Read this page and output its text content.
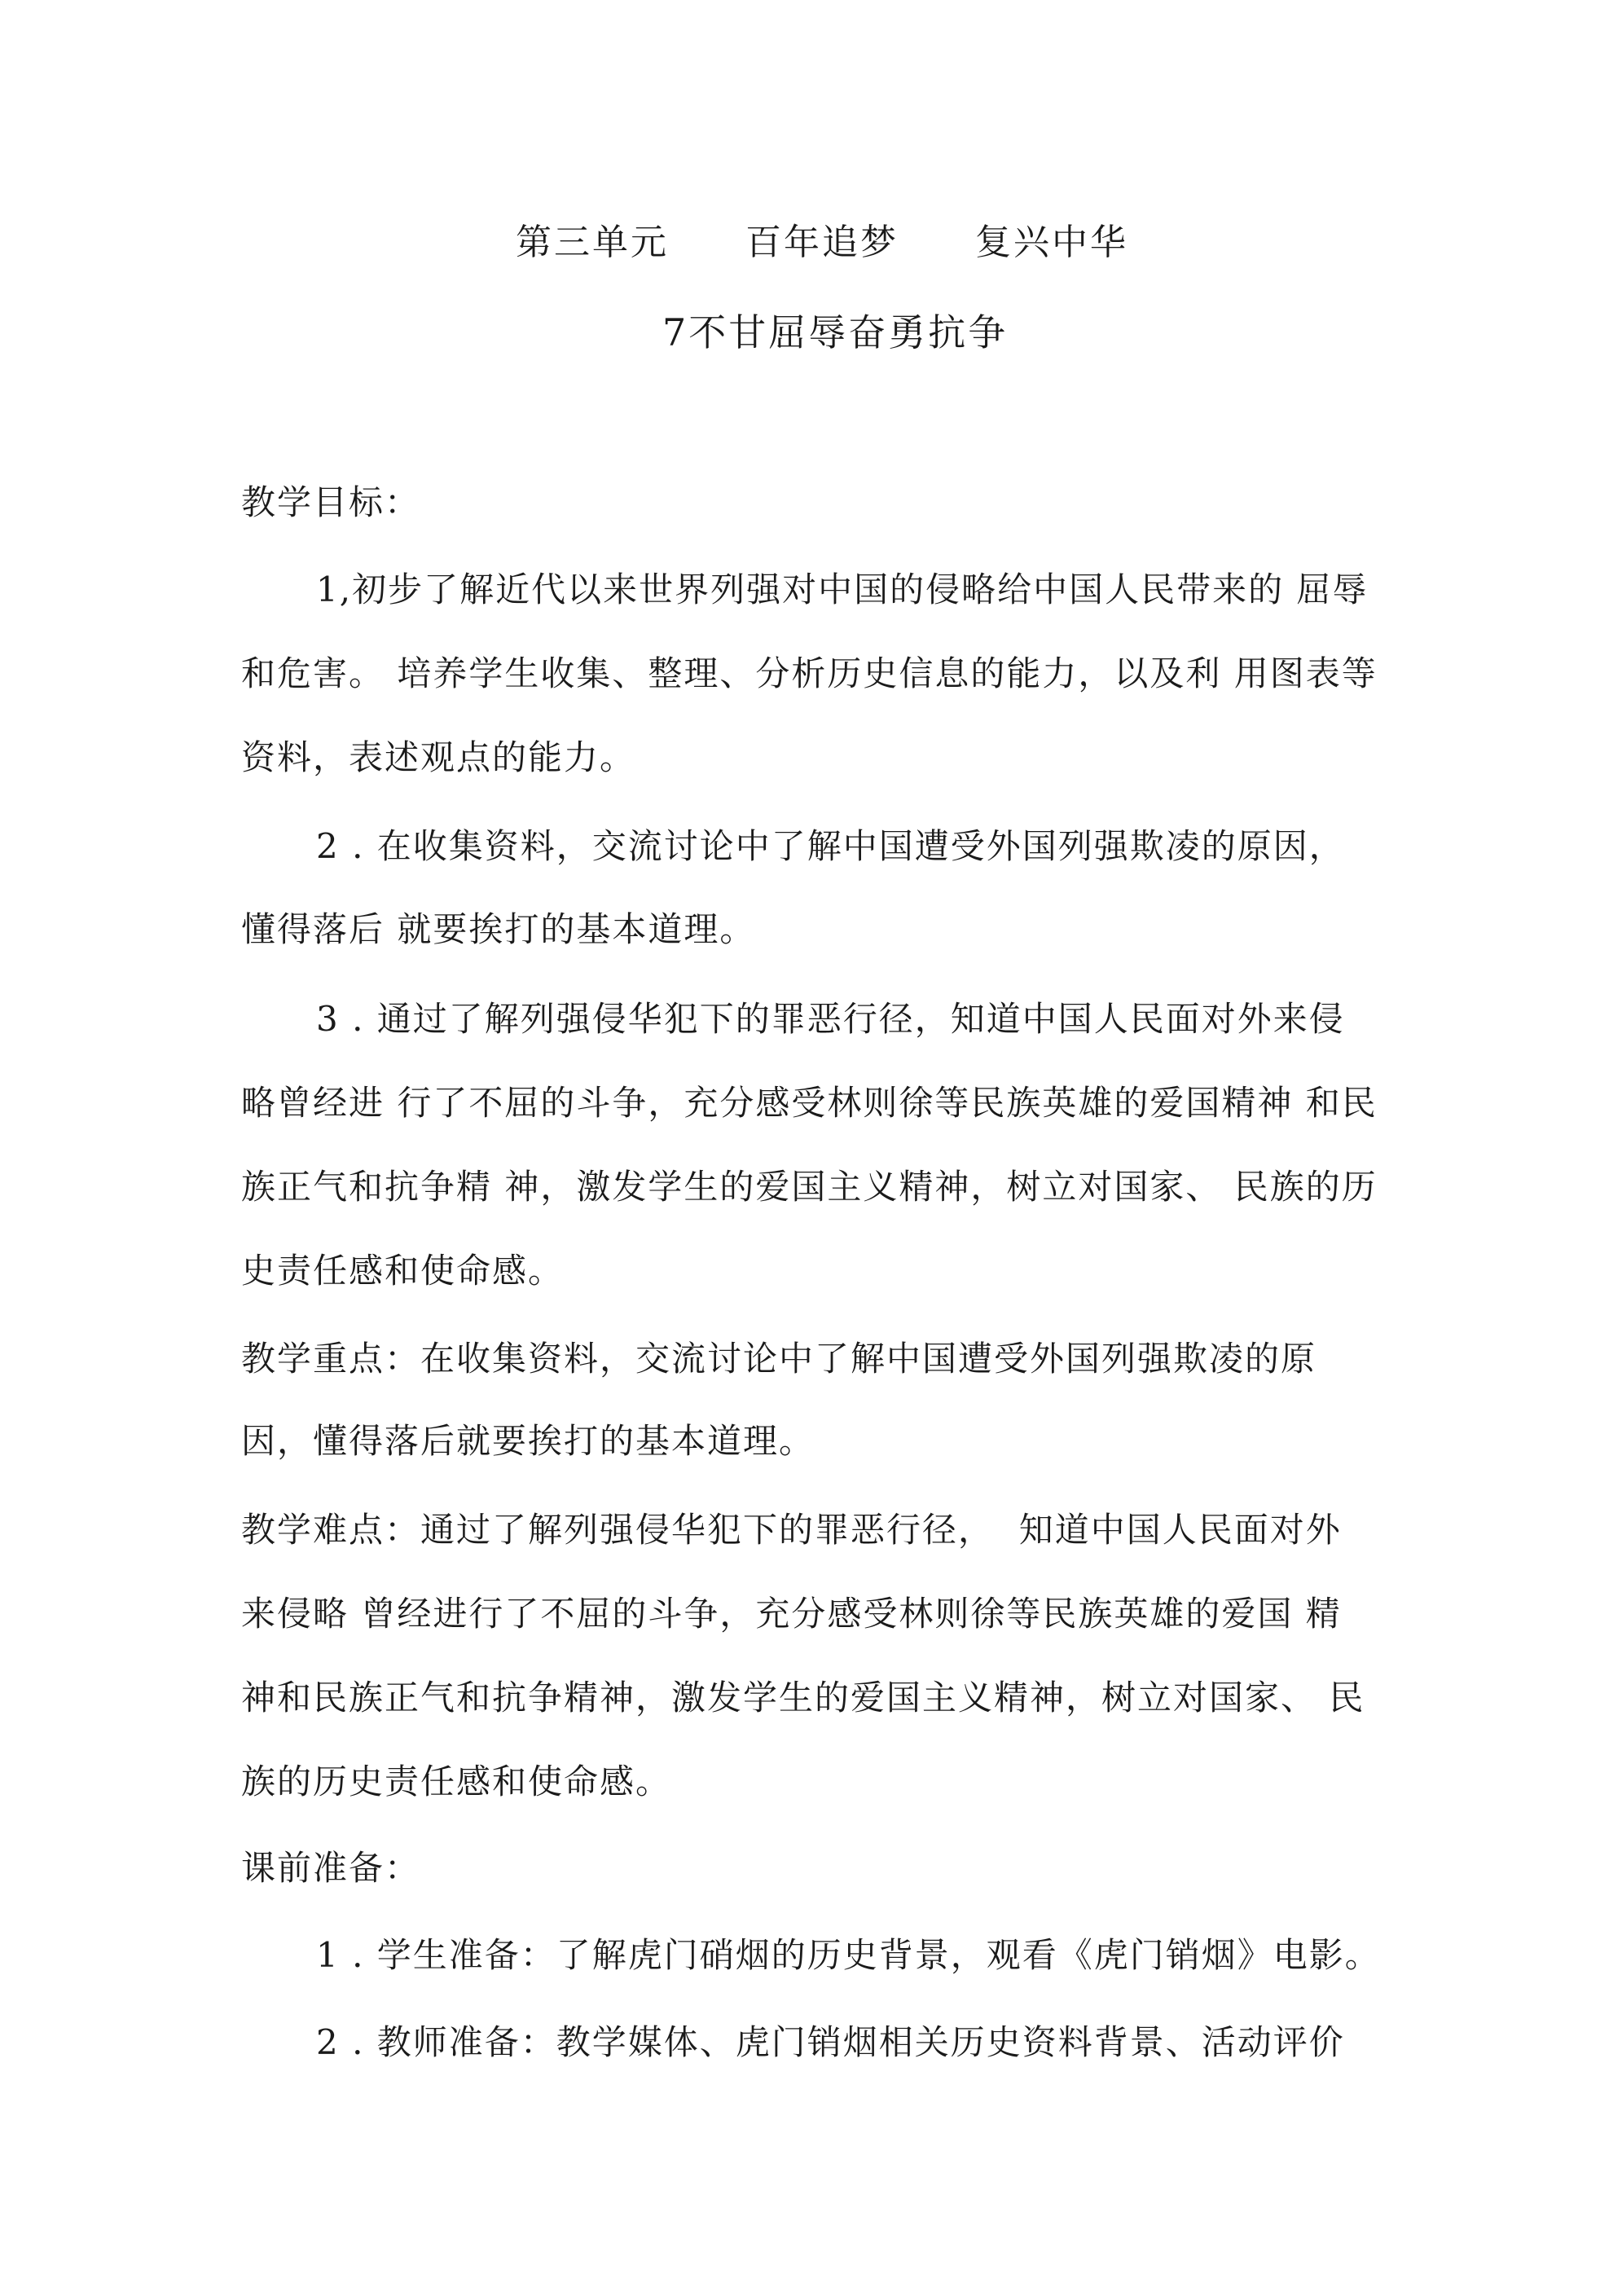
第三单元　　百年追梦　　复兴中华
7不甘屈辱奋勇抗争
教学目标：
1,初步了解近代以来世界列强对中国的侵略给中国人民带来的 屈辱
和危害。 培养学生收集、整理、分析历史信息的能力，以及利 用图表等
资料，表述观点的能力。
2 . 在收集资料，交流讨论中了解中国遭受外国列强欺凌的原因，
懂得落后 就要挨打的基本道理。
3 . 通过了解列强侵华犯下的罪恶行径，知道中国人民面对外来侵
略曾经进 行了不屈的斗争，充分感受林则徐等民族英雄的爱国精神 和民
族正气和抗争精 神，激发学生的爱国主义精神，树立对国家、 民族的历
史责任感和使命感。
教学重点：在收集资料，交流讨论中了解中国遭受外国列强欺凌的原
因，懂得落后就要挨打的基本道理。
教学难点：通过了解列强侵华犯下的罪恶行径，  知道中国人民面对外
来侵略 曾经进行了不屈的斗争，充分感受林则徐等民族英雄的爱国 精
神和民族正气和抗争精神，激发学生的爱国主义精神，树立对国家、 民
族的历史责任感和使命感。
课前准备：
1 . 学生准备：了解虎门硝烟的历史背景，观看《虎门销烟》电影。
2 . 教师准备：教学媒体、虎门销烟相关历史资料背景、活动评价
